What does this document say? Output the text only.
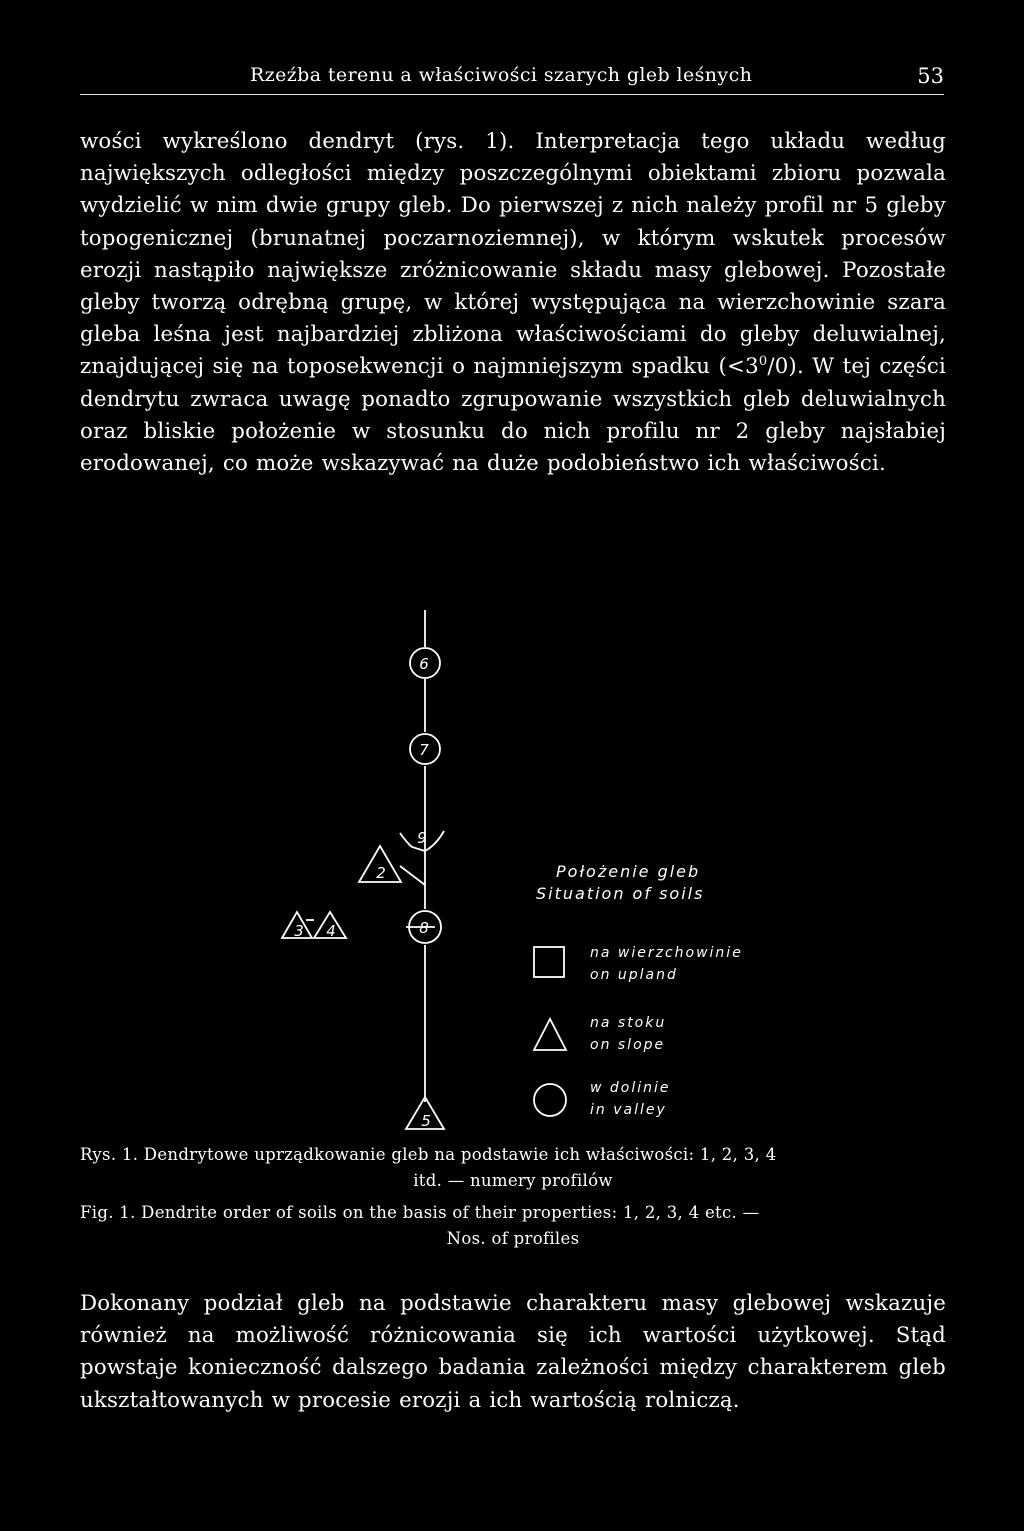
Rzeźba terenu a właściwości szarych gleb leśnych	53
wości wykreślono dendryt (rys. 1). Interpretacja tego układu według największych odległości między poszczególnymi obiektami zbioru pozwala wydzielić w nim dwie grupy gleb. Do pierwszej z nich należy profil nr 5 gleby topogenicznej (brunatnej poczarnoziemnej), w którym wskutek procesów erozji nastąpiło największe zróżnicowanie składu masy glebowej. Pozostałe gleby tworzą odrębną grupę, w której występująca na wierzchowinie szara gleba leśna jest najbardziej zbliżona właściwościami do gleby deluwialnej, znajdującej się na toposekwencji o najmniejszym spadku $(<3^0/0)$. W tej części dendrytu zwraca uwagę ponadto zgrupowanie wszystkich gleb deluwialnych oraz bliskie położenie w stosunku do nich profilu nr 2 gleby najsłabiej erodowanej, co może wskazywać na duże podobieństwo ich właściwości.
6
7
8
9
2
3 4
5
Położenie gleb
Situation of soils
na wierzchowinie
on upland
na stoku
on slope
w dolinie
in valley
Rys. 1. Dendrytowe uprządkowanie gleb na podstawie ich właściwości: 1, 2, 3, 4
itd. — numery profilów
Fig. 1. Dendrite order of soils on the basis of their properties: 1, 2, 3, 4 etc. —
Nos. of profiles
Dokonany podział gleb na podstawie charakteru masy glebowej wskazuje również na możliwość różnicowania się ich wartości użytkowej. Stąd powstaje konieczność dalszego badania zależności między charakterem gleb ukształtowanych w procesie erozji a ich wartością rolniczą.
